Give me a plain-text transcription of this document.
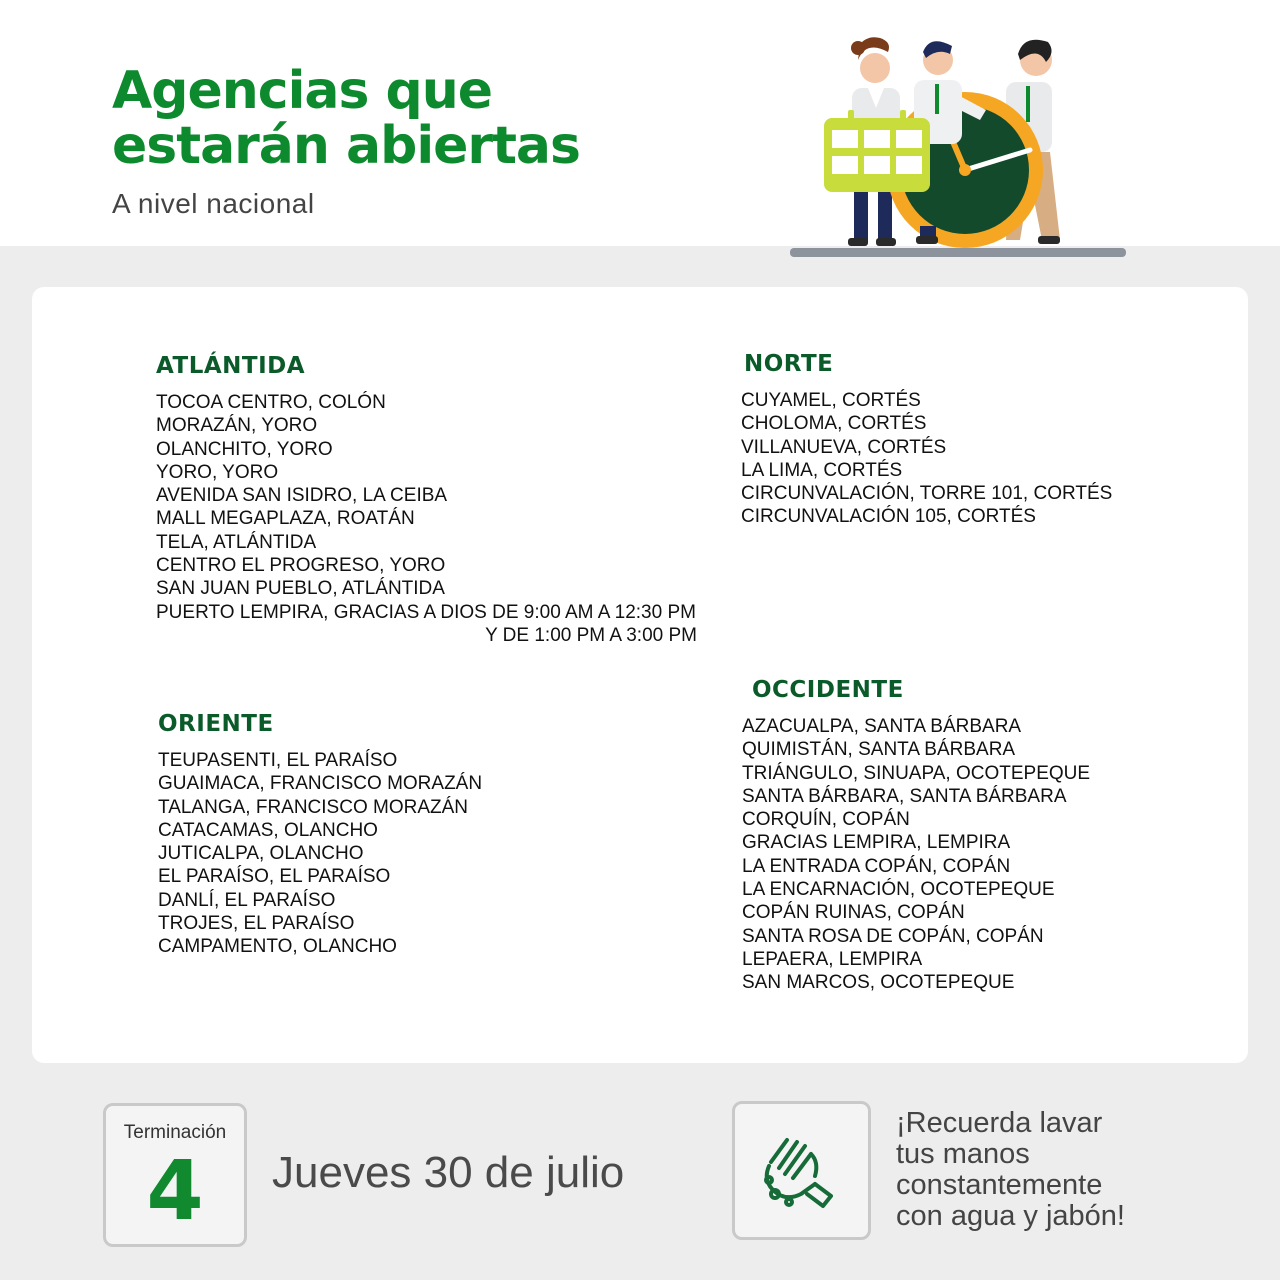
Agencias que
estarán abiertas

A nivel nacional

ATLÁNTIDA
TOCOA CENTRO, COLÓN
MORAZÁN, YORO
OLANCHITO, YORO
YORO, YORO
AVENIDA SAN ISIDRO, LA CEIBA
MALL MEGAPLAZA, ROATÁN
TELA, ATLÁNTIDA
CENTRO EL PROGRESO, YORO
SAN JUAN PUEBLO, ATLÁNTIDA
PUERTO LEMPIRA, GRACIAS A DIOS DE 9:00 AM A 12:30 PM
Y DE 1:00 PM A 3:00 PM
NORTE
CUYAMEL, CORTÉS
CHOLOMA, CORTÉS
VILLANUEVA, CORTÉS
LA LIMA, CORTÉS
CIRCUNVALACIÓN, TORRE 101, CORTÉS
CIRCUNVALACIÓN 105, CORTÉS
ORIENTE
TEUPASENTI, EL PARAÍSO
GUAIMACA, FRANCISCO MORAZÁN
TALANGA, FRANCISCO MORAZÁN
CATACAMAS, OLANCHO
JUTICALPA, OLANCHO
EL PARAÍSO, EL PARAÍSO
DANLÍ, EL PARAÍSO
TROJES, EL PARAÍSO
CAMPAMENTO, OLANCHO
OCCIDENTE
AZACUALPA, SANTA BÁRBARA
QUIMISTÁN, SANTA BÁRBARA
TRIÁNGULO, SINUAPA, OCOTEPEQUE
SANTA BÁRBARA, SANTA BÁRBARA
CORQUÍN, COPÁN
GRACIAS LEMPIRA, LEMPIRA
LA ENTRADA COPÁN, COPÁN
LA ENCARNACIÓN, OCOTEPEQUE
COPÁN RUINAS, COPÁN
SANTA ROSA DE COPÁN, COPÁN
LEPAERA, LEMPIRA
SAN MARCOS, OCOTEPEQUE
Terminación
4	Jueves 30 de julio
¡Recuerda lavar
tus manos
constantemente
con agua y jabón!
